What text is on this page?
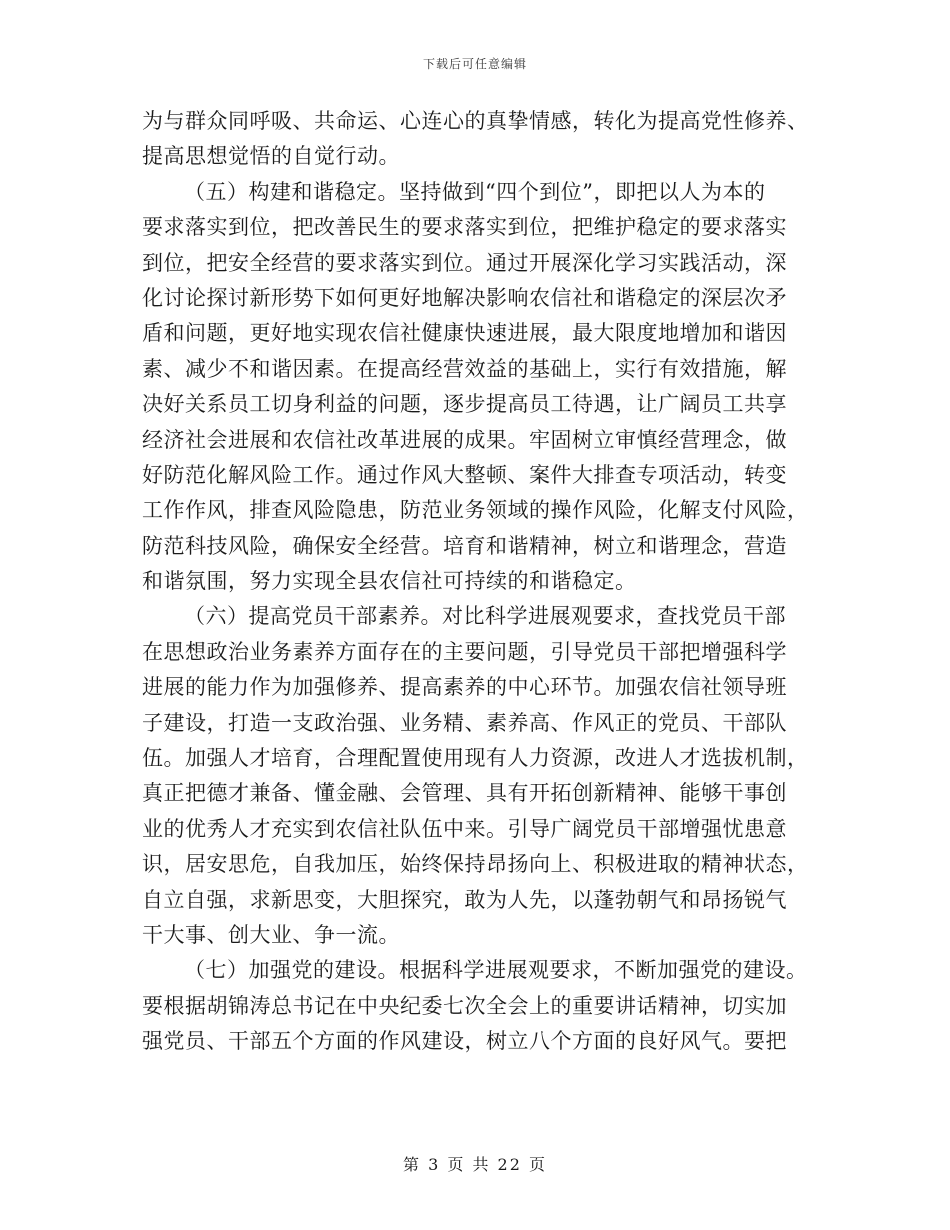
下载后可任意编辑
为与群众同呼吸、共命运、心连心的真挚情感，转化为提高党性修养、
提高思想觉悟的自觉行动。
（五）构建和谐稳定。坚持做到“四个到位”，即把以人为本的
要求落实到位，把改善民生的要求落实到位，把维护稳定的要求落实
到位，把安全经营的要求落实到位。通过开展深化学习实践活动，深
化讨论探讨新形势下如何更好地解决影响农信社和谐稳定的深层次矛
盾和问题，更好地实现农信社健康快速进展，最大限度地增加和谐因
素、减少不和谐因素。在提高经营效益的基础上，实行有效措施，解
决好关系员工切身利益的问题，逐步提高员工待遇，让广阔员工共享
经济社会进展和农信社改革进展的成果。牢固树立审慎经营理念，做
好防范化解风险工作。通过作风大整顿、案件大排查专项活动，转变
工作作风，排查风险隐患，防范业务领域的操作风险，化解支付风险，
防范科技风险，确保安全经营。培育和谐精神，树立和谐理念，营造
和谐氛围，努力实现全县农信社可持续的和谐稳定。
（六）提高党员干部素养。对比科学进展观要求，查找党员干部
在思想政治业务素养方面存在的主要问题，引导党员干部把增强科学
进展的能力作为加强修养、提高素养的中心环节。加强农信社领导班
子建设，打造一支政治强、业务精、素养高、作风正的党员、干部队
伍。加强人才培育，合理配置使用现有人力资源，改进人才选拔机制，
真正把德才兼备、懂金融、会管理、具有开拓创新精神、能够干事创
业的优秀人才充实到农信社队伍中来。引导广阔党员干部增强忧患意
识，居安思危，自我加压，始终保持昂扬向上、积极进取的精神状态，
自立自强，求新思变，大胆探究，敢为人先，以蓬勃朝气和昂扬锐气
干大事、创大业、争一流。
（七）加强党的建设。根据科学进展观要求，不断加强党的建设。
要根据胡锦涛总书记在中央纪委七次全会上的重要讲话精神，切实加
强党员、干部五个方面的作风建设，树立八个方面的良好风气。要把
第 3 页 共 22 页
